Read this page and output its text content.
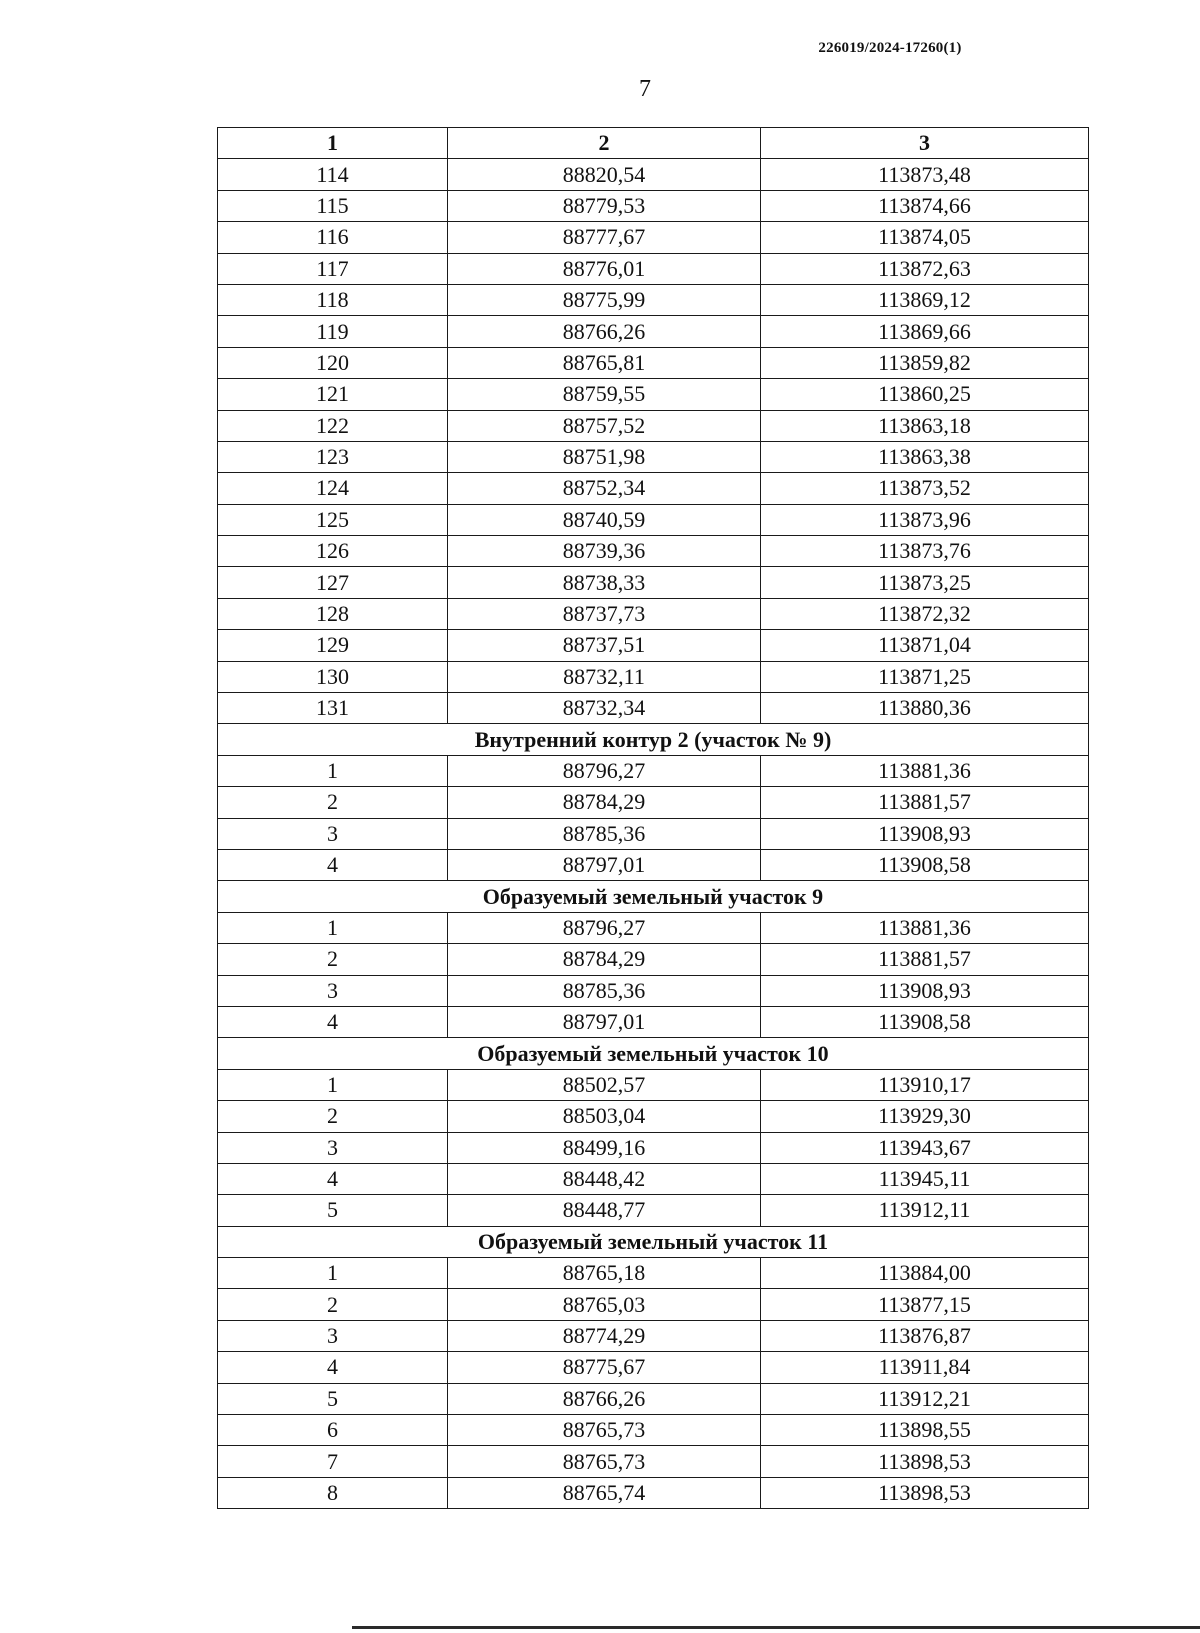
226019/2024-17260(1)
7
1	2	3
114	88820,54	113873,48
115	88779,53	113874,66
116	88777,67	113874,05
117	88776,01	113872,63
118	88775,99	113869,12
119	88766,26	113869,66
120	88765,81	113859,82
121	88759,55	113860,25
122	88757,52	113863,18
123	88751,98	113863,38
124	88752,34	113873,52
125	88740,59	113873,96
126	88739,36	113873,76
127	88738,33	113873,25
128	88737,73	113872,32
129	88737,51	113871,04
130	88732,11	113871,25
131	88732,34	113880,36
Внутренний контур 2 (участок № 9)		
1	88796,27	113881,36
2	88784,29	113881,57
3	88785,36	113908,93
4	88797,01	113908,58
Образуемый земельный участок 9		
1	88796,27	113881,36
2	88784,29	113881,57
3	88785,36	113908,93
4	88797,01	113908,58
Образуемый земельный участок 10		
1	88502,57	113910,17
2	88503,04	113929,30
3	88499,16	113943,67
4	88448,42	113945,11
5	88448,77	113912,11
Образуемый земельный участок 11		
1	88765,18	113884,00
2	88765,03	113877,15
3	88774,29	113876,87
4	88775,67	113911,84
5	88766,26	113912,21
6	88765,73	113898,55
7	88765,73	113898,53
8	88765,74	113898,53
